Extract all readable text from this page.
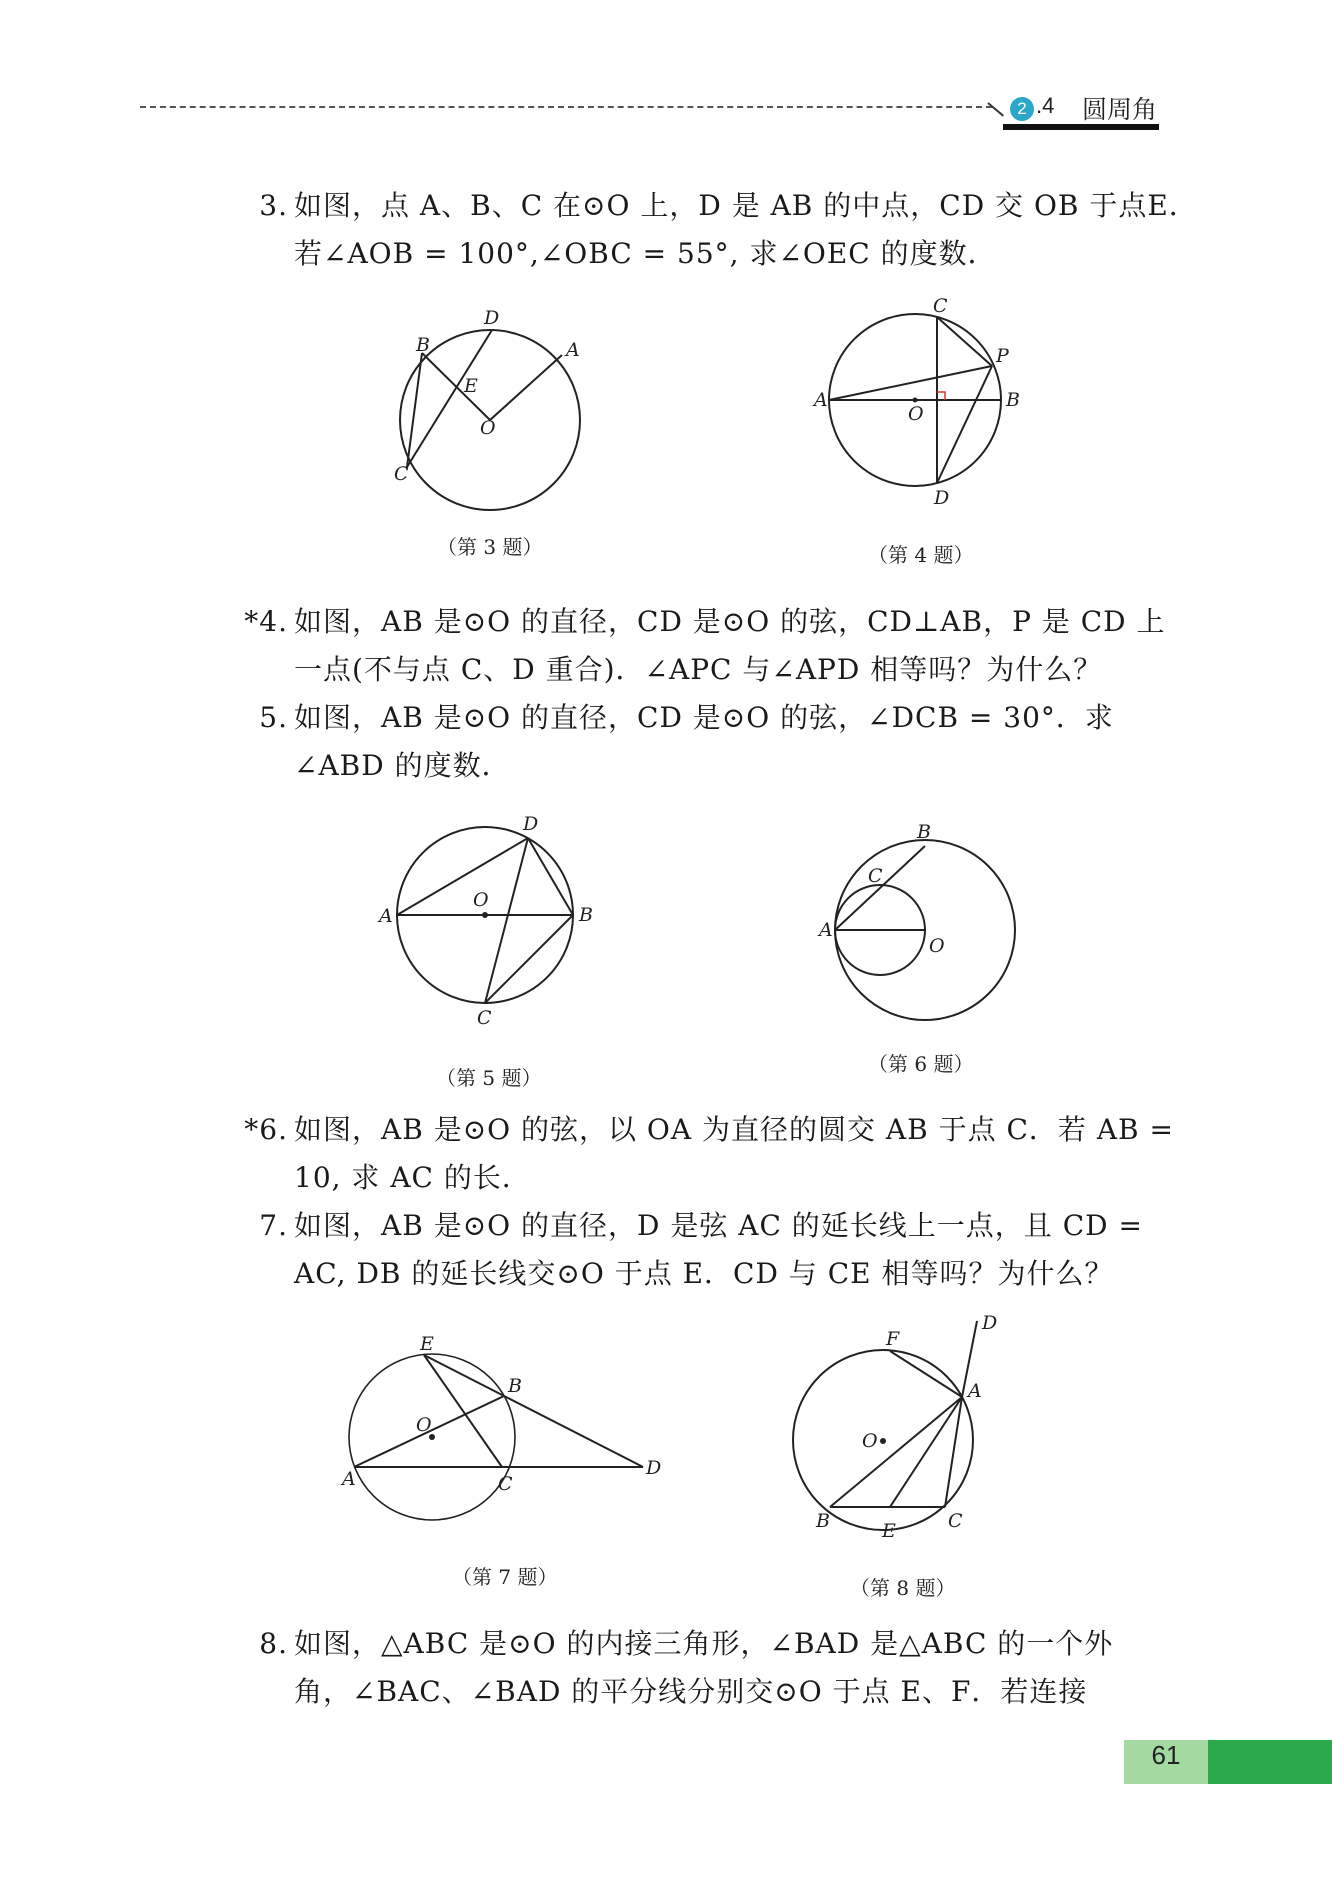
2 .4 圆周角
3. 如图，点 A、B、C 在⊙O 上，D 是 AB 的中点，CD 交 OB 于点E．
若∠AOB = 100°,∠OBC = 55°, 求∠OEC 的度数．
B
D
A
E
O
C
（第 3 题）
C
P
A
O
B
D
（第 4 题）
*4. 如图，AB 是⊙O 的直径，CD 是⊙O 的弦，CD⊥AB，P 是 CD 上
一点(不与点 C、D 重合)．∠APC 与∠APD 相等吗？为什么？
5. 如图，AB 是⊙O 的直径，CD 是⊙O 的弦，∠DCB = 30°．求
∠ABD 的度数．
D
O
A	B
C
（第 5 题）
B
C
A
O
（第 6 题）
*6. 如图，AB 是⊙O 的弦，以 OA 为直径的圆交 AB 于点 C．若 AB =
10, 求 AC 的长．
7. 如图，AB 是⊙O 的直径，D 是弦 AC 的延长线上一点，且 CD =
AC, DB 的延长线交⊙O 于点 E．CD 与 CE 相等吗？为什么？
E
B
O
A	C
D
（第 7 题）
F
D
A
O
B	E	C
（第 8 题）
8. 如图，△ABC 是⊙O 的内接三角形，∠BAD 是△ABC 的一个外
角，∠BAC、∠BAD 的平分线分别交⊙O 于点 E、F．若连接
61
